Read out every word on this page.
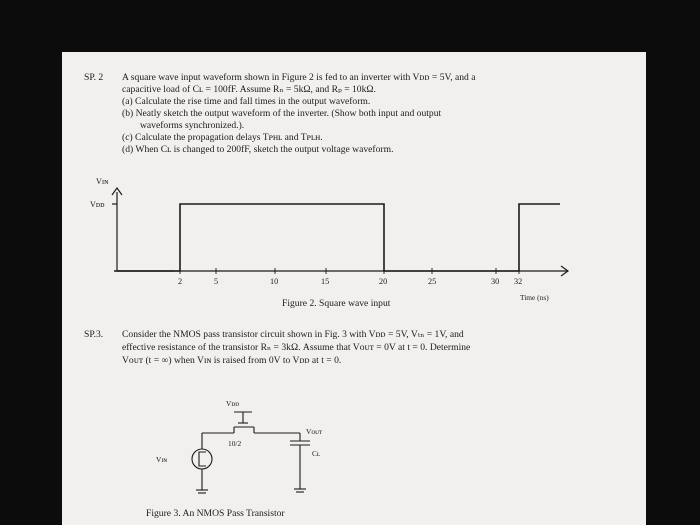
SP. 2 A square wave input waveform shown in Figure 2 is fed to an inverter with Vᴅᴅ = 5V, and a
capacitive load of Cʟ = 100fF. Assume Rₙ = 5kΩ, and Rₚ = 10kΩ.
(a) Calculate the rise time and fall times in the output waveform.
(b) Neatly sketch the output waveform of the inverter. (Show both input and output
waveforms synchronized.).
(c) Calculate the propagation delays Tᴘʜʟ and Tᴘʟʜ.
(d) When Cʟ is changed to 200fF, sketch the output voltage waveform.
Vɪɴ
Vᴅᴅ
2	5	10	15	20	25	30 32
Time (ns)
Figure 2. Square wave input
SP.3. Consider the NMOS pass transistor circuit shown in Fig. 3 with Vᴅᴅ = 5V, Vₜₙ = 1V, and
effective resistance of the transistor Rₙ = 3kΩ. Assume that Vᴏᴜᴛ = 0V at t = 0. Determine
Vᴏᴜᴛ (t = ∞) when Vɪɴ is raised from 0V to Vᴅᴅ at t = 0.
Vᴅᴅ
Vᴏᴜᴛ
10/2
Cʟ
Vɪɴ
Figure 3. An NMOS Pass Transistor
